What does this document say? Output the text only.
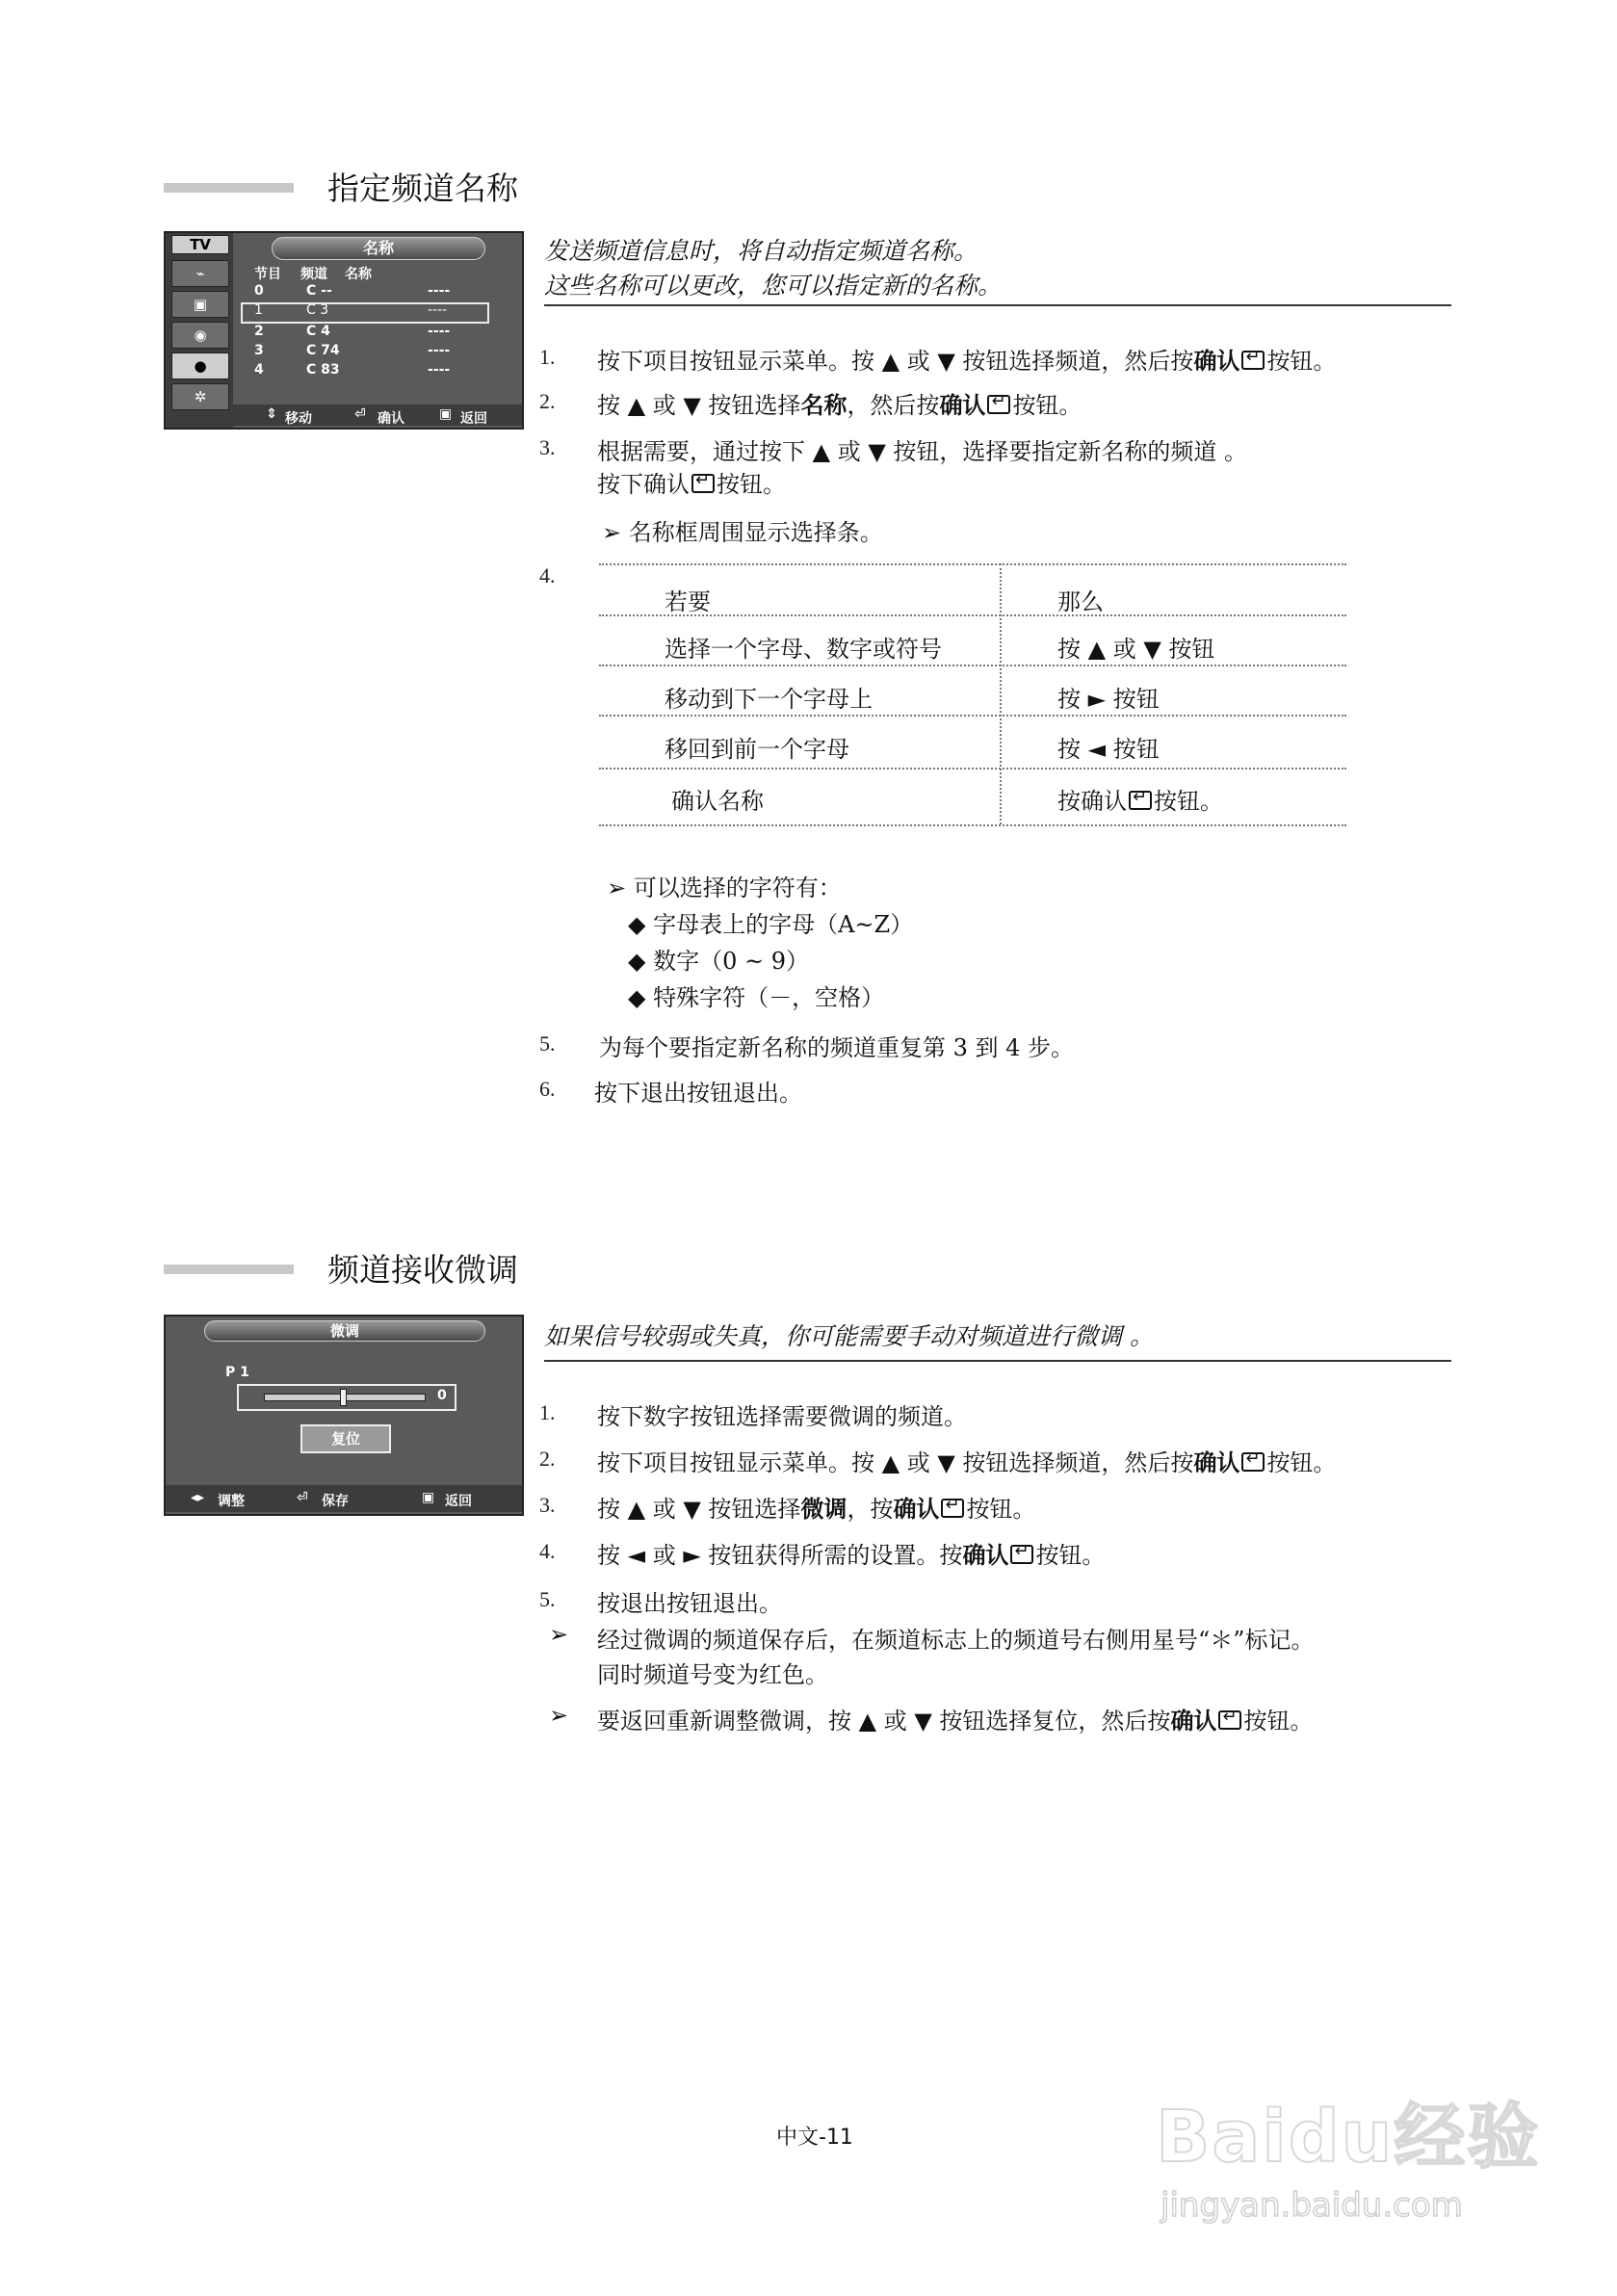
指定频道名称
TV
⌁
▣
◉
●
✲
名称
节目 频道 名称
0	C --	----
1	C 3	----
2	C 4	----
3	C 74	----
4	C 83	----
⇕ 移动	⏎ 确认	▣ 返回
发送频道信息时，将自动指定频道名称。
这些名称可以更改，您可以指定新的名称。
1. 按下项目按钮显示菜单。按 ▲ 或 ▼ 按钮选择频道，然后按确认 ↵ 按钮。
2. 按 ▲ 或 ▼ 按钮选择名称，然后按确认 ↵ 按钮。
3. 根据需要，通过按下 ▲ 或 ▼ 按钮，选择要指定新名称的频道 。
按下确认 ↵ 按钮。
➢ 名称框周围显示选择条。
4.
若要	那么
选择一个字母、数字或符号	按 ▲ 或 ▼ 按钮
移动到下一个字母上	按 ► 按钮
移回到前一个字母	按 ◄ 按钮
确认名称	按确认 ↵ 按钮。
➢ 可以选择的字符有：
◆ 字母表上的字母（A~Z）
◆ 数字（0 ~ 9）
◆ 特殊字符（－，空格）
5. 为每个要指定新名称的频道重复第 3 到 4 步。
6. 按下退出按钮退出。
频道接收微调
微调
P 1
0
复位
◂▸ 调整	⏎ 保存	▣ 返回
如果信号较弱或失真，你可能需要手动对频道进行微调 。
1. 按下数字按钮选择需要微调的频道。
2. 按下项目按钮显示菜单。按 ▲ 或 ▼ 按钮选择频道，然后按确认 ↵ 按钮。
3. 按 ▲ 或 ▼ 按钮选择微调，按确认 ↵ 按钮。
4. 按 ◄ 或 ► 按钮获得所需的设置。按确认 ↵ 按钮。
5. 按退出按钮退出。
➢ 经过微调的频道保存后，在频道标志上的频道号右侧用星号“＊”标记。
同时频道号变为红色。
➢ 要返回重新调整微调，按 ▲ 或 ▼ 按钮选择复位，然后按确认 ↵ 按钮。
中文-11	Baidu经验
jingyan.baidu.com
